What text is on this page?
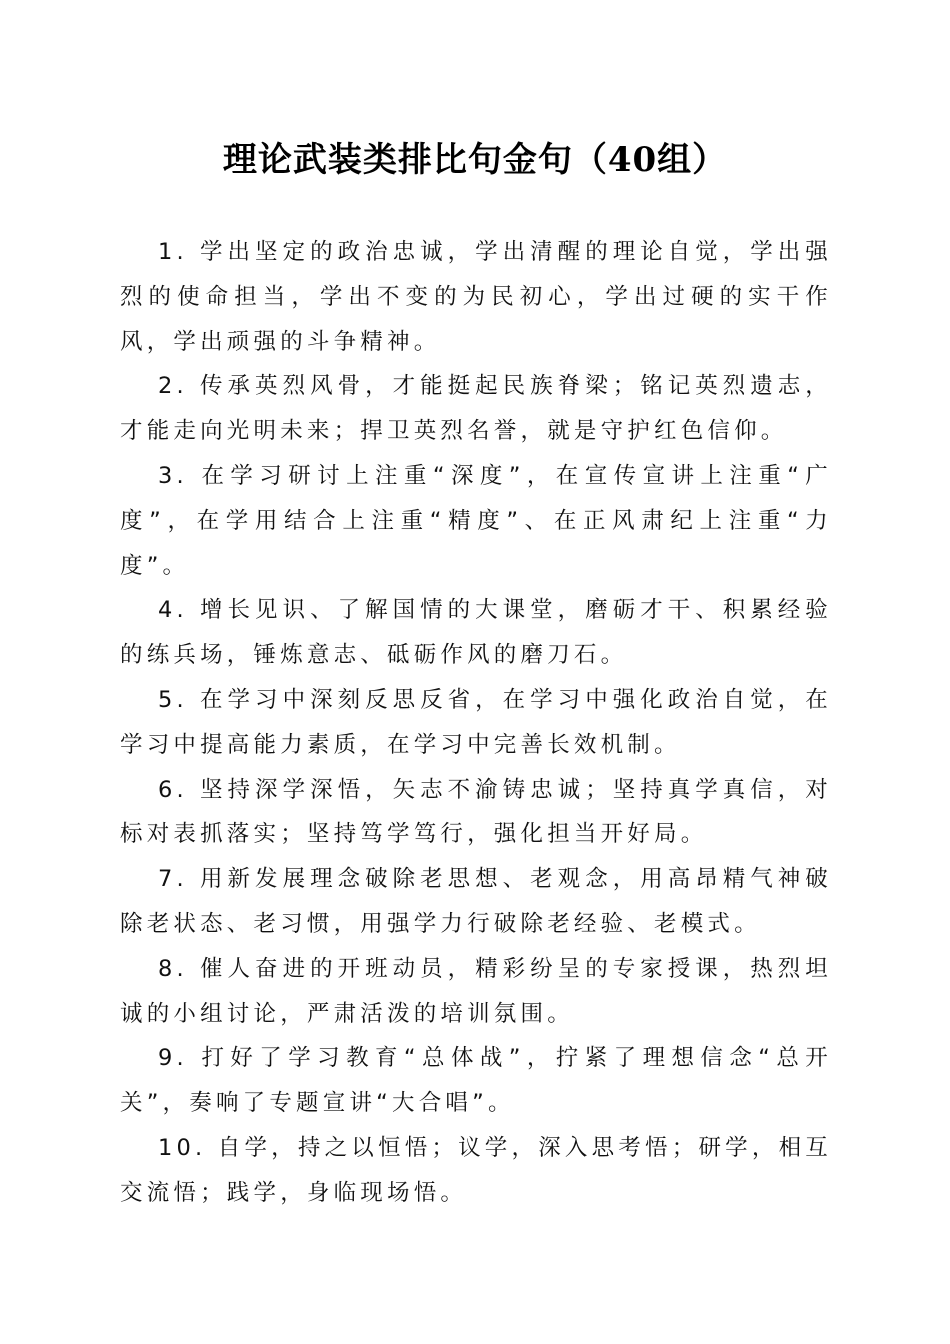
理论武装类排比句金句（40组）

1. 学出坚定的政治忠诚，学出清醒的理论自觉，学出强烈的使命担当，学出不变的为民初心，学出过硬的实干作风，学出顽强的斗争精神。

2. 传承英烈风骨，才能挺起民族脊梁；铭记英烈遗志，才能走向光明未来；捍卫英烈名誉，就是守护红色信仰。

3. 在学习研讨上注重“深度”，在宣传宣讲上注重“广度”，在学用结合上注重“精度”、在正风肃纪上注重“力度”。

4. 增长见识、了解国情的大课堂，磨砺才干、积累经验的练兵场，锤炼意志、砥砺作风的磨刀石。

5. 在学习中深刻反思反省，在学习中强化政治自觉，在学习中提高能力素质，在学习中完善长效机制。

6. 坚持深学深悟，矢志不渝铸忠诚；坚持真学真信，对标对表抓落实；坚持笃学笃行，强化担当开好局。

7. 用新发展理念破除老思想、老观念，用高昂精气神破除老状态、老习惯，用强学力行破除老经验、老模式。

8. 催人奋进的开班动员，精彩纷呈的专家授课，热烈坦诚的小组讨论，严肃活泼的培训氛围。

9. 打好了学习教育“总体战”，拧紧了理想信念“总开关”，奏响了专题宣讲“大合唱”。

10. 自学，持之以恒悟；议学，深入思考悟；研学，相互交流悟；践学，身临现场悟。
